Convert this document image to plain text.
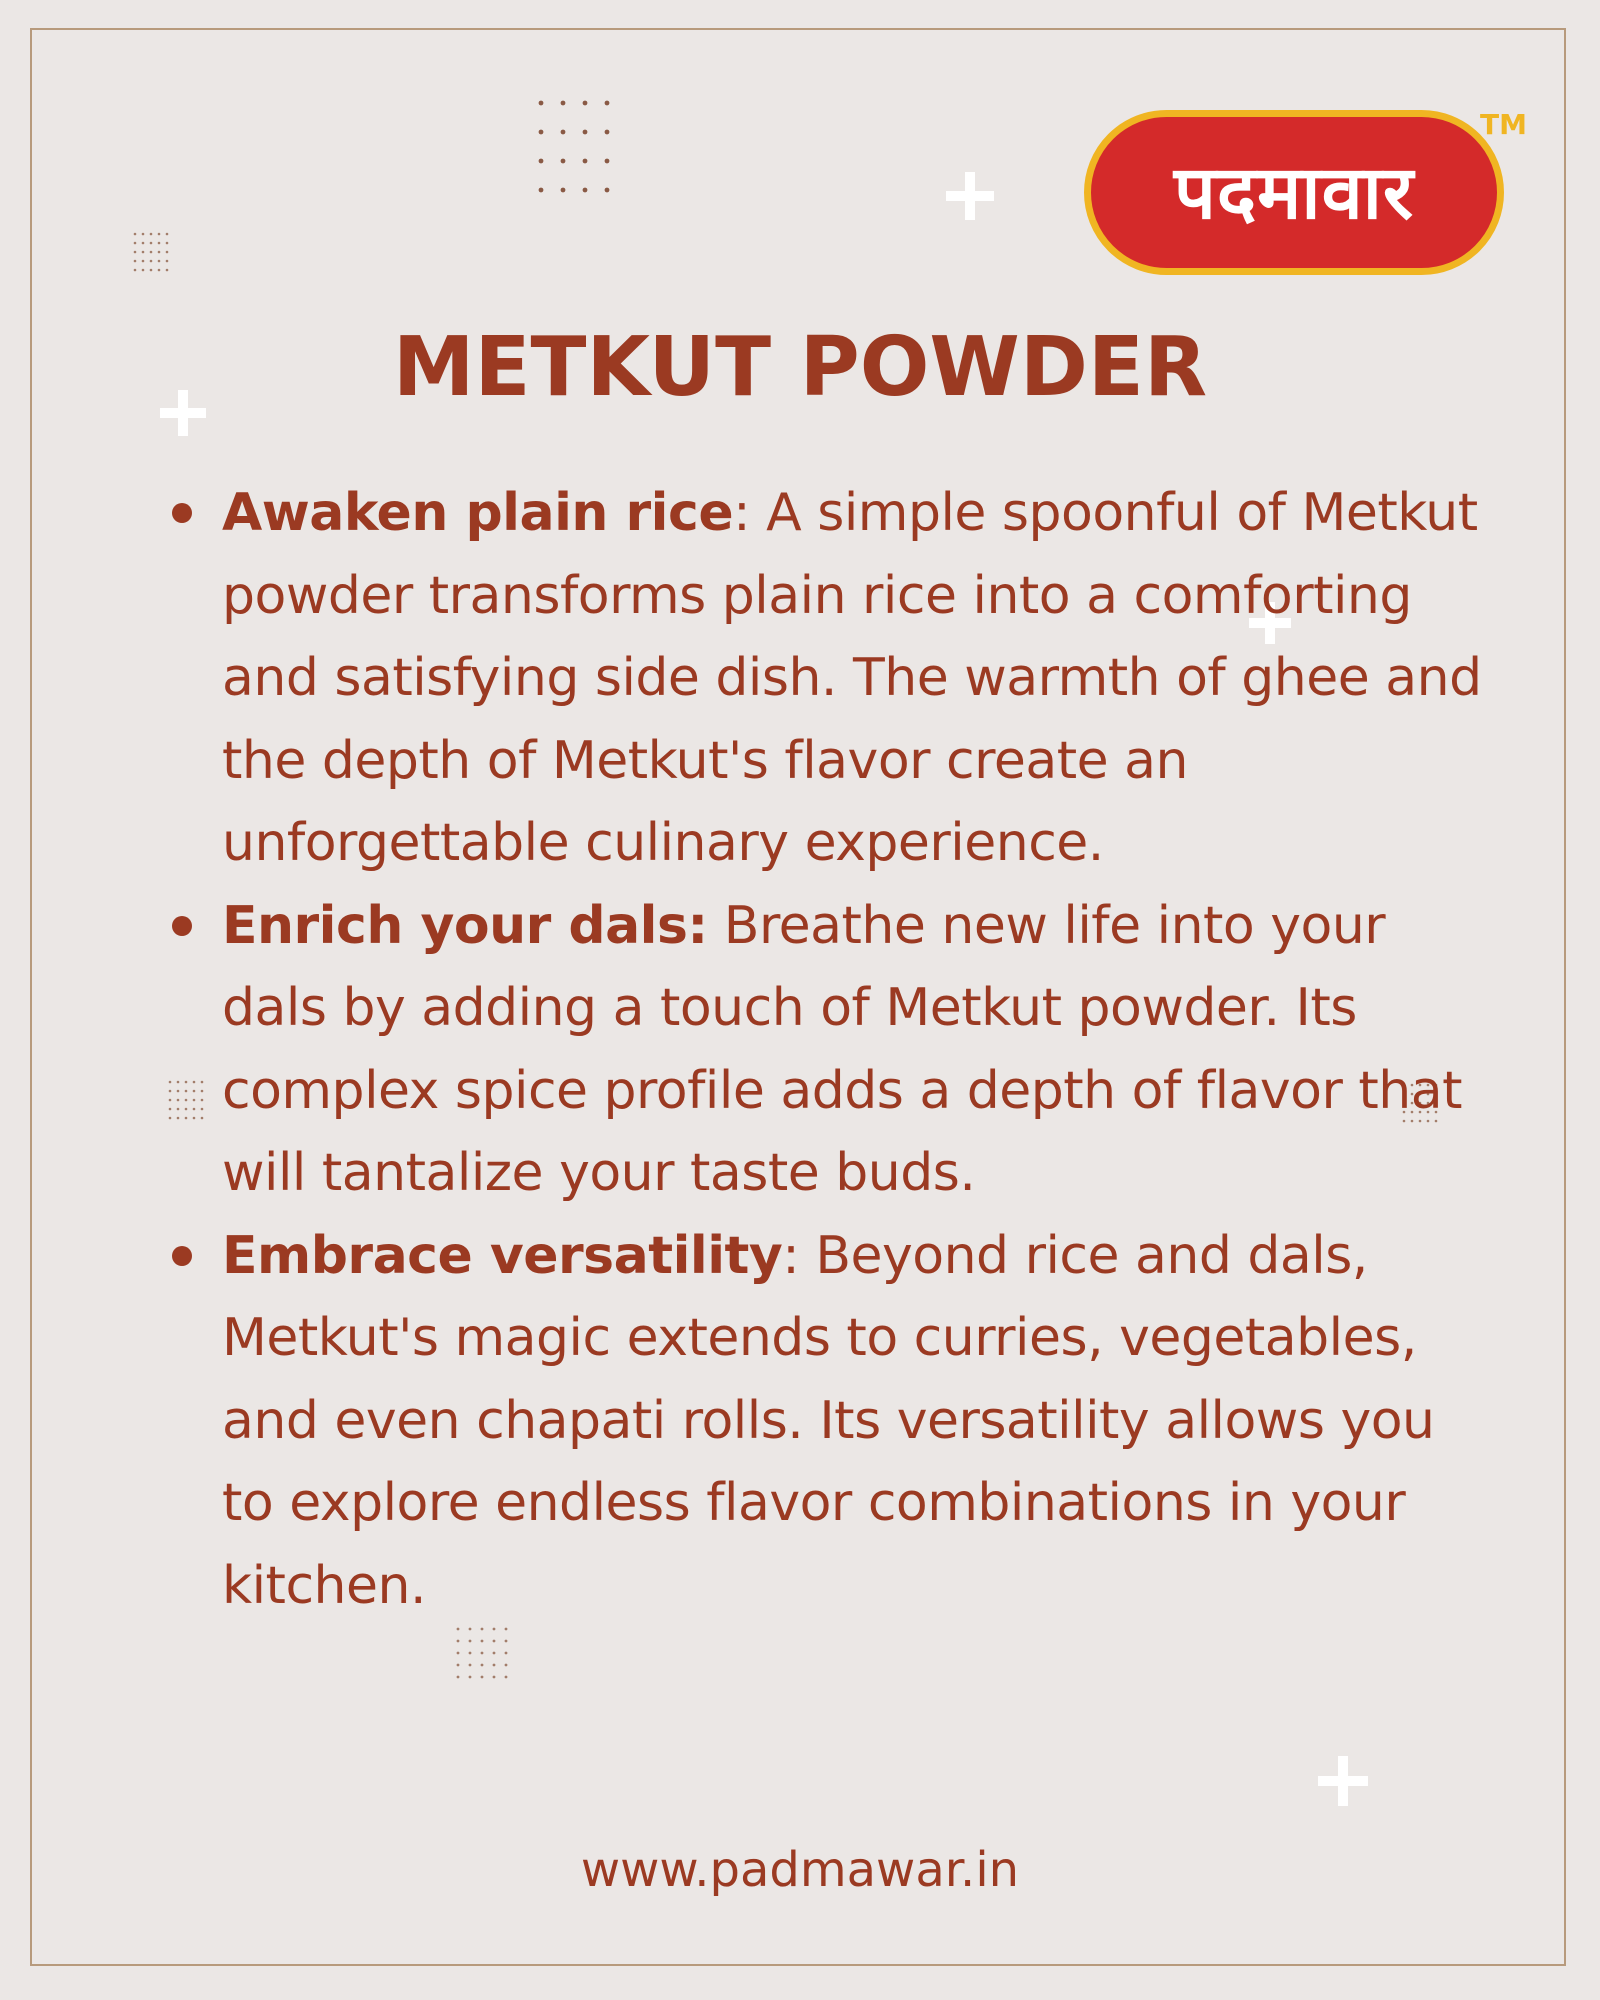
पदमावार
TM
METKUT POWDER
Awaken plain rice: A simple spoonful of Metkut powder transforms plain rice into a comforting and satisfying side dish. The warmth of ghee and the depth of Metkut's flavor create an unforgettable culinary experience.
Enrich your dals: Breathe new life into your dals by adding a touch of Metkut powder. Its complex spice profile adds a depth of flavor that will tantalize your taste buds.
Embrace versatility: Beyond rice and dals, Metkut's magic extends to curries, vegetables, and even chapati rolls. Its versatility allows you to explore endless flavor combinations in your kitchen.
www.padmawar.in
